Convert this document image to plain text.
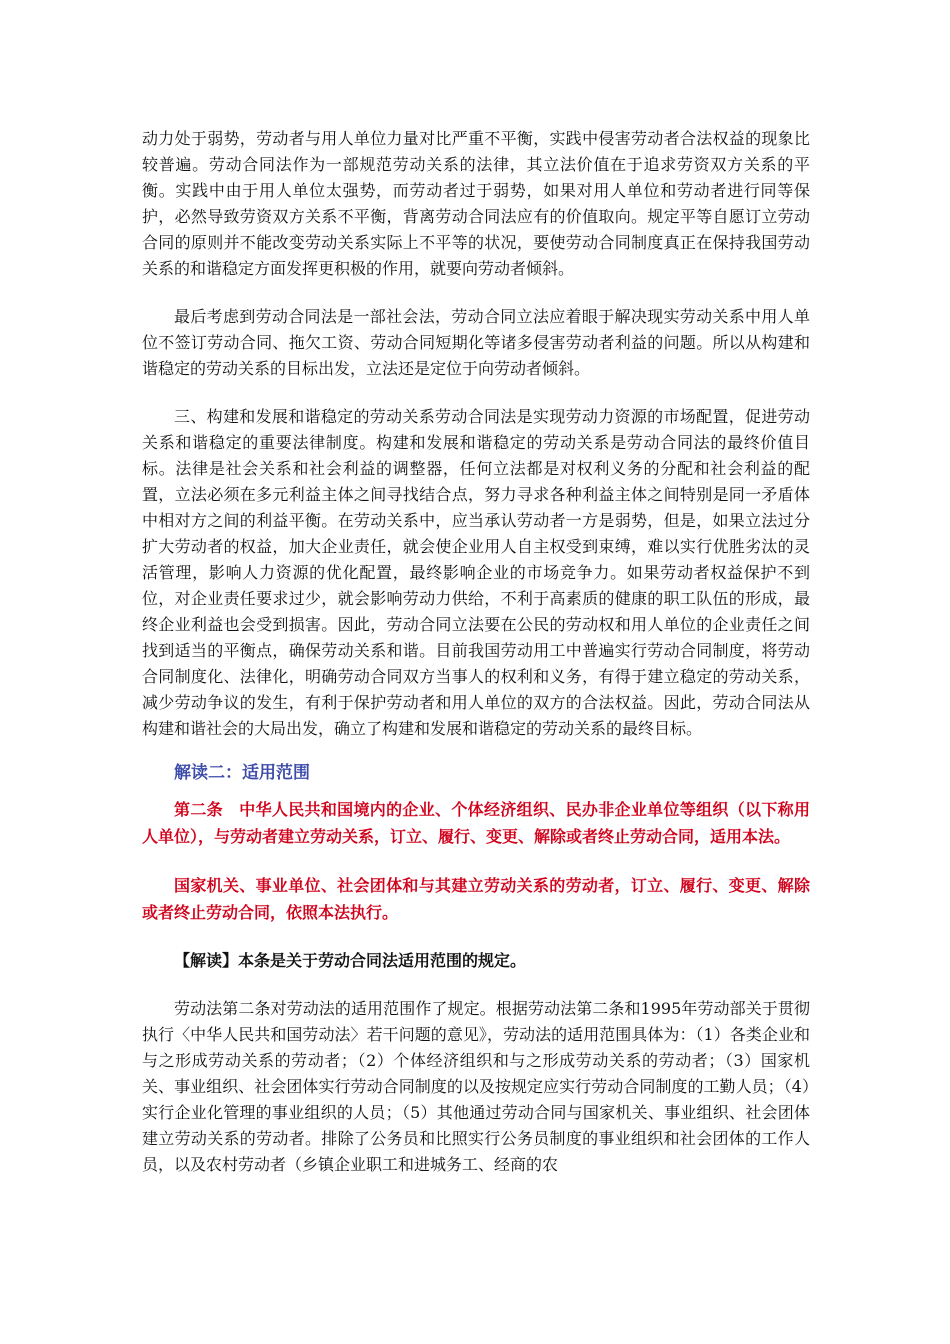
动力处于弱势，劳动者与用人单位力量对比严重不平衡，实践中侵害劳动者合法权益的现象比较普遍。劳动合同法作为一部规范劳动关系的法律，其立法价值在于追求劳资双方关系的平衡。实践中由于用人单位太强势，而劳动者过于弱势，如果对用人单位和劳动者进行同等保护，必然导致劳资双方关系不平衡，背离劳动合同法应有的价值取向。规定平等自愿订立劳动合同的原则并不能改变劳动关系实际上不平等的状况，要使劳动合同制度真正在保持我国劳动关系的和谐稳定方面发挥更积极的作用，就要向劳动者倾斜。

最后考虑到劳动合同法是一部社会法，劳动合同立法应着眼于解决现实劳动关系中用人单位不签订劳动合同、拖欠工资、劳动合同短期化等诸多侵害劳动者利益的问题。所以从构建和谐稳定的劳动关系的目标出发，立法还是定位于向劳动者倾斜。

三、构建和发展和谐稳定的劳动关系劳动合同法是实现劳动力资源的市场配置，促进劳动关系和谐稳定的重要法律制度。构建和发展和谐稳定的劳动关系是劳动合同法的最终价值目标。法律是社会关系和社会利益的调整器，任何立法都是对权利义务的分配和社会利益的配置，立法必须在多元利益主体之间寻找结合点，努力寻求各种利益主体之间特别是同一矛盾体中相对方之间的利益平衡。在劳动关系中，应当承认劳动者一方是弱势，但是，如果立法过分扩大劳动者的权益，加大企业责任，就会使企业用人自主权受到束缚，难以实行优胜劣汰的灵活管理，影响人力资源的优化配置，最终影响企业的市场竞争力。如果劳动者权益保护不到位，对企业责任要求过少，就会影响劳动力供给，不利于高素质的健康的职工队伍的形成，最终企业利益也会受到损害。因此，劳动合同立法要在公民的劳动权和用人单位的企业责任之间找到适当的平衡点，确保劳动关系和谐。目前我国劳动用工中普遍实行劳动合同制度，将劳动合同制度化、法律化，明确劳动合同双方当事人的权利和义务，有得于建立稳定的劳动关系，减少劳动争议的发生，有利于保护劳动者和用人单位的双方的合法权益。因此，劳动合同法从构建和谐社会的大局出发，确立了构建和发展和谐稳定的劳动关系的最终目标。

解读二：适用范围

第二条　中华人民共和国境内的企业、个体经济组织、民办非企业单位等组织（以下称用人单位），与劳动者建立劳动关系，订立、履行、变更、解除或者终止劳动合同，适用本法。

国家机关、事业单位、社会团体和与其建立劳动关系的劳动者，订立、履行、变更、解除或者终止劳动合同，依照本法执行。

【解读】本条是关于劳动合同法适用范围的规定。

劳动法第二条对劳动法的适用范围作了规定。根据劳动法第二条和1995年劳动部关于贯彻执行〈中华人民共和国劳动法〉若干问题的意见》，劳动法的适用范围具体为：（1）各类企业和与之形成劳动关系的劳动者；（2）个体经济组织和与之形成劳动关系的劳动者；（3）国家机关、事业组织、社会团体实行劳动合同制度的以及按规定应实行劳动合同制度的工勤人员；（4）实行企业化管理的事业组织的人员；（5）其他通过劳动合同与国家机关、事业组织、社会团体建立劳动关系的劳动者。排除了公务员和比照实行公务员制度的事业组织和社会团体的工作人员，以及农村劳动者（乡镇企业职工和进城务工、经商的农
